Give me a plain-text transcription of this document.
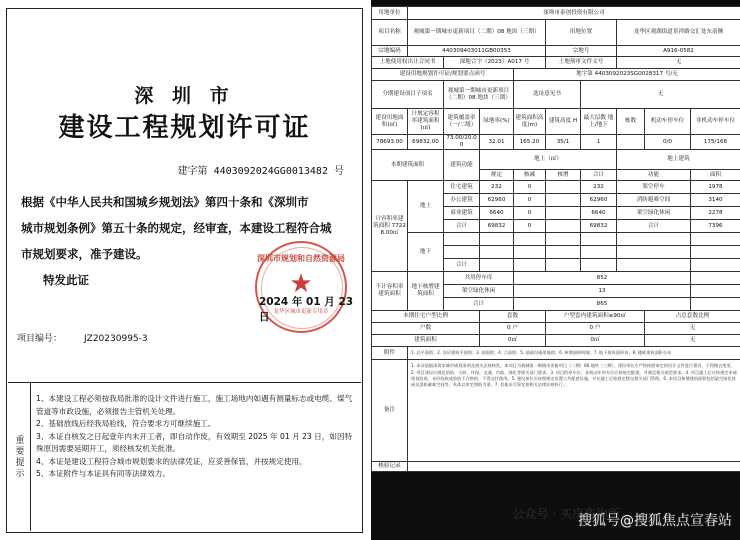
深 圳 市
建设工程规划许可证
建字第 4403092024GG0013482 号
根据《中华人民共和国城乡规划法》第四十条和《深圳市
城市规划条例》第五十条的规定，经审查，本建设工程符合城
市规划要求，准予建设。
特发此证
深圳市规划和自然资源局
★
龙华区城市更新专用章
2024 年 01 月 23 日
项目编号： JZ20230995-3
重要提示
1、本建设工程必须按我局批准的设计文件进行施工，施工场地内如遇有测量标志或电缆、煤气管道等市政设施，必须报告主管机关处理。
2、基础放线后经我局验线，符合要求方可继续施工。
3、本证自核发之日起壹年内未开工者，即自动作废，有效期至 2025 年 01 月 23 日，如因特殊原因需要延期开工，须经核发机关批准。
4、本证是建设工程符合城市规划要求的法律凭证，应妥善保管，并按规定使用。
5、本证附件与本证具有同等法律效力。
用地单位	深圳市泰创投资有限公司								
项目名称	观城第一期城市更新项目（二期）08 地块（三期）				用地位置		龙华区观湖街道景祥路交汇处东南侧		
宗地编码	440309403011GB00353				宗地号		A916-0582		
土地使用权出让合同书		深地合字（2023）A017 号			土地预审文件文号		无		
建设用地规划许可证/规划要点函号				地字第 4403092023SG0028317 号/无					
分期建设项目子项名		观城第一期城市更新项目（二期）08 地块（三期）		选址意见书		无			
建设用地面积(㎡)	计规定容积率建筑面积(㎡)	建筑覆盖率（一/二级）	绿地率(%)	建筑面积高度(m)	建筑高度 H	最大层数 地上/地下	栋数	机动车停车位	非机动车停车位
78693.00	69832.00	73.00/20.00	32.01	165.20	35/1	1		0/0	175/168
本期建筑面积		建筑功能	地上（㎡）				地上建筑		
			规定	核减	核增	合计	功能		面积
计容积率建筑面积 77228.00㎡	地上	住宅建筑	232	0		232	架空停车		1978
		办公建筑	62960	0		62960	消防避难空间		3140
		商业建筑	6640	0		6640	架空绿化休闲		2278
		合计	69832	0		69832	合计		7396
	地下								

		合计							
不计容积率建筑面积	地下核增建筑面积	共用停车库		852					
		架空绿化休闲		13					
		合计		865					
本期住宅户型比例			套数		户型套内建筑面积≤90㎡			占总套数比例	
户数			0 户		0 户			无	
建筑面积			0㎡		0㎡			无	
附件	1. 总平面图；2. 各层建筑平面图；3. 剖面图；4. 立面图；5. 基础设施用地图；6. 核增面积明细；7. 地下建筑面积表；8. 楼栋建筑面积分布								
备注	1. 本证依据深圳市城市规划条例及相关法规核发。本项目为观城第一期城市更新项目（二期）08 地块（三期），建设单位应严格按照审定的设计文件进行建设，不得擅自变更。2. 项目建设应满足消防、人防、环保、交通、市政、绿化等相关部门要求。3. 项目的停车位、非机动车停车位应按规定配建，并满足相关规范要求。4. 项目竣工后应按规定申请规划验收，未经验收或验收不合格的，不得交付使用。5. 建设单位应按照规定设置公共配套设施，并在竣工后按规定移交相关部门管理。6. 本项目核增建筑面积包括架空绿化休闲及消防避难空间等，具体以审定图纸为准。7. 其他未尽事宜按相关法律法规执行。								
核验记录									
公众号 · 买房咨询所
搜狐号@搜狐焦点宣春站
